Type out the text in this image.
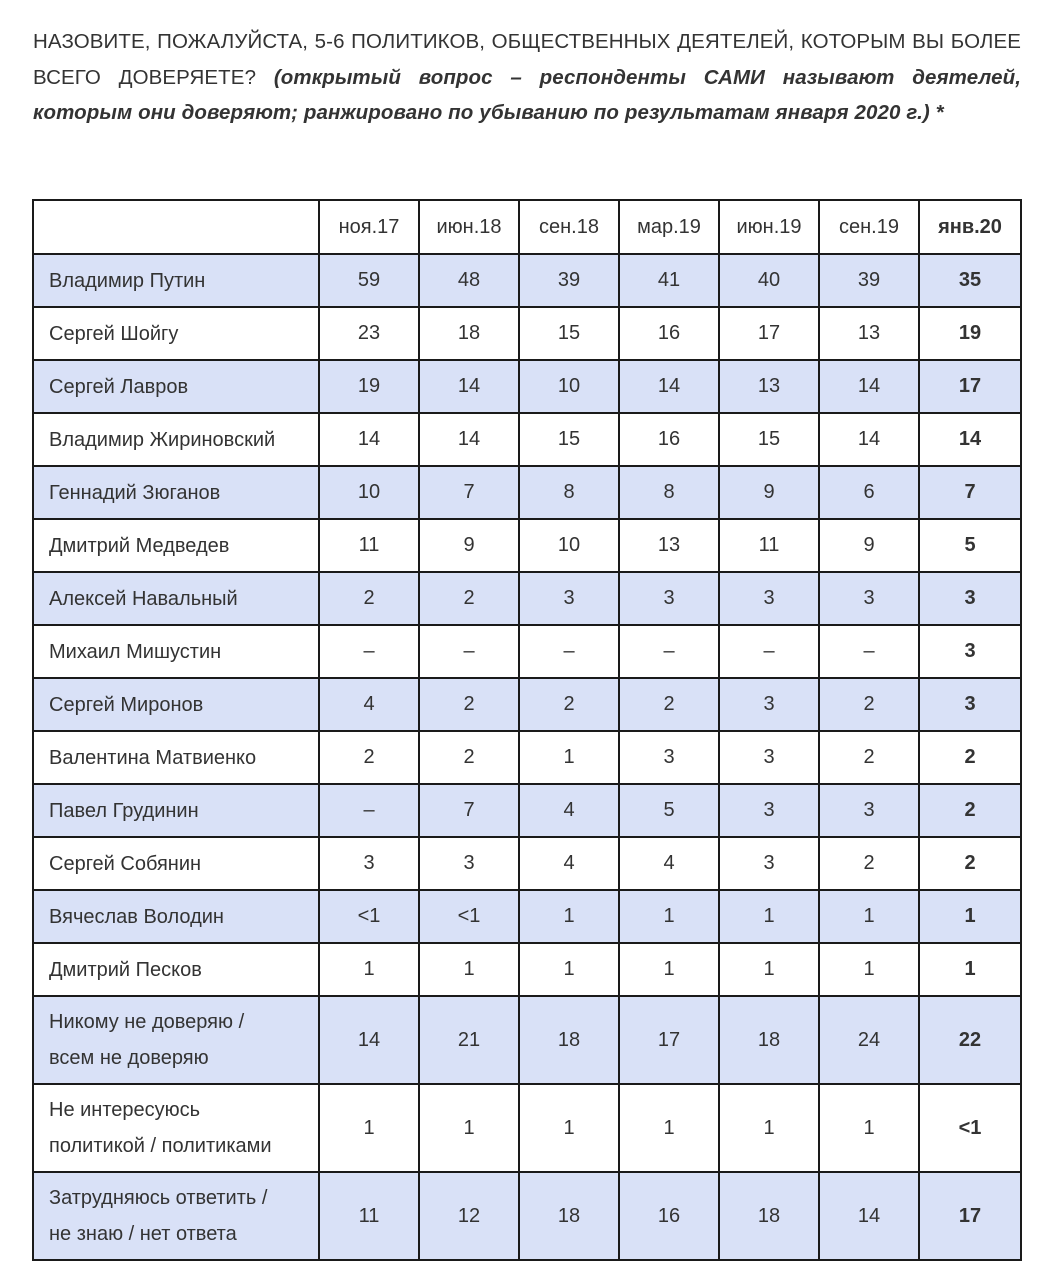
НАЗОВИТЕ, ПОЖАЛУЙСТА, 5-6 ПОЛИТИКОВ, ОБЩЕСТВЕННЫХ ДЕЯТЕЛЕЙ, КОТОРЫМ ВЫ БОЛЕЕ ВСЕГО ДОВЕРЯЕТЕ? (открытый вопрос – респонденты САМИ называют деятелей, которым они доверяют; ранжировано по убыванию по результатам января 2020 г.) *
	ноя.17	июн.18	сен.18	мар.19	июн.19	сен.19	янв.20
Владимир Путин	59	48	39	41	40	39	35
Сергей Шойгу	23	18	15	16	17	13	19
Сергей Лавров	19	14	10	14	13	14	17
Владимир Жириновский	14	14	15	16	15	14	14
Геннадий Зюганов	10	7	8	8	9	6	7
Дмитрий Медведев	11	9	10	13	11	9	5
Алексей Навальный	2	2	3	3	3	3	3
Михаил Мишустин	–	–	–	–	–	–	3
Сергей Миронов	4	2	2	2	3	2	3
Валентина Матвиенко	2	2	1	3	3	2	2
Павел Грудинин	–	7	4	5	3	3	2
Сергей Собянин	3	3	4	4	3	2	2
Вячеслав Володин	<1	<1	1	1	1	1	1
Дмитрий Песков	1	1	1	1	1	1	1

Никому не доверяю /
всем не доверяю	14	21	18	17	18	24	22

Не интересуюсь
политикой / политиками	1	1	1	1	1	1	<1

Затрудняюсь ответить /
не знаю / нет ответа	11	12	18	16	18	14	17
